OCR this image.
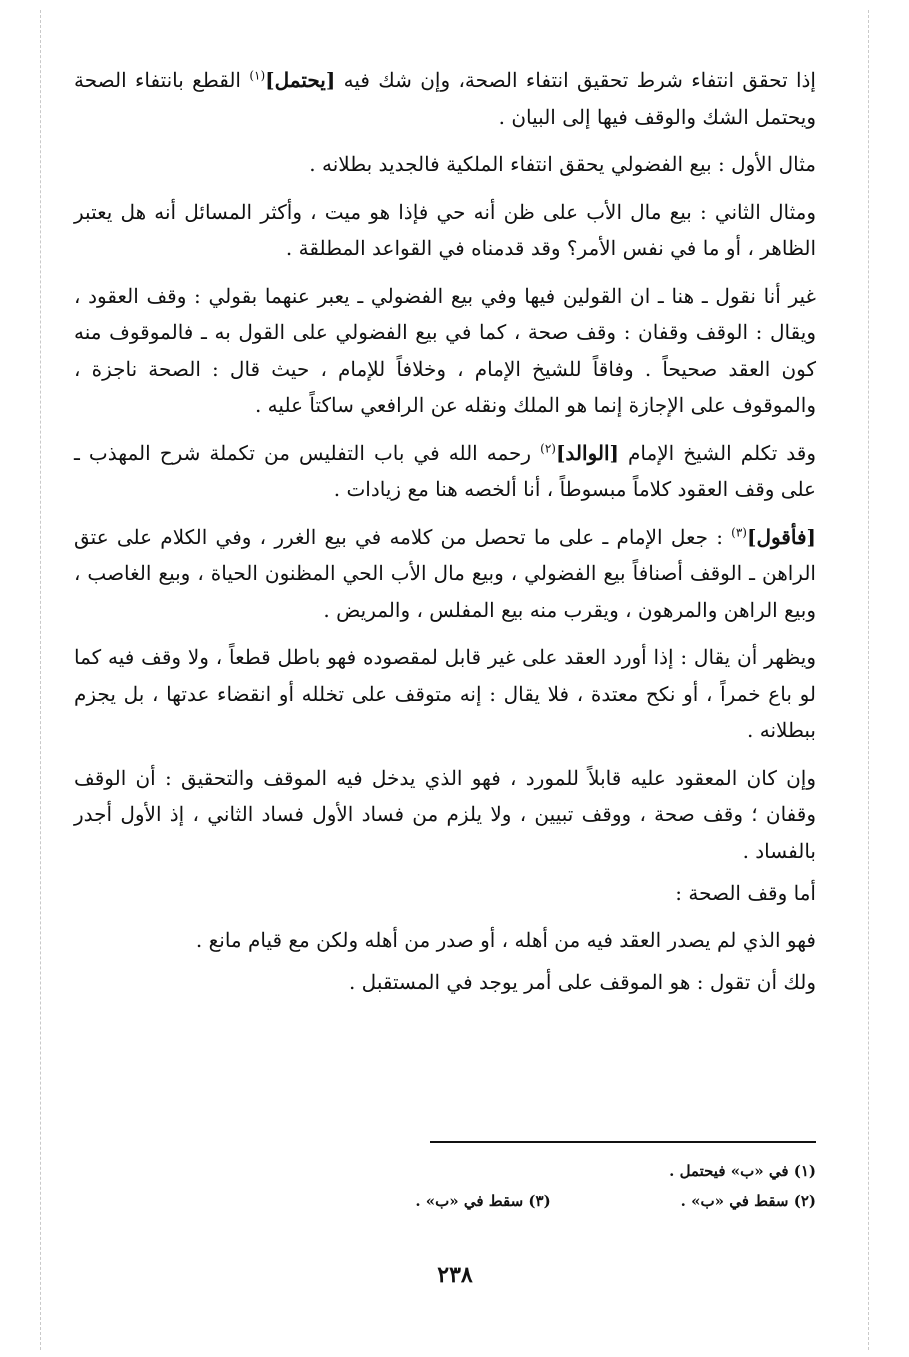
إذا تحقق انتفاء شرط تحقيق انتفاء الصحة، وإن شك فيه [يحتمل]$^{(١)}$ القطع بانتفاء الصحة ويحتمل الشك والوقف فيها إلى البيان .

مثال الأول : بيع الفضولي يحقق انتفاء الملكية فالجديد بطلانه .

ومثال الثاني : بيع مال الأب على ظن أنه حي فإذا هو ميت ، وأكثر المسائل أنه هل يعتبر الظاهر ، أو ما في نفس الأمر؟ وقد قدمناه في القواعد المطلقة .

غير أنا نقول ـ هنا ـ ان القولين فيها وفي بيع الفضولي ـ يعبر عنهما بقولي : وقف العقود ، ويقال : الوقف وقفان : وقف صحة ، كما في بيع الفضولي على القول به ـ فالموقوف منه كون العقد صحيحاً . وفاقاً للشيخ الإمام ، وخلافاً للإمام ، حيث قال : الصحة ناجزة ، والموقوف على الإجازة إنما هو الملك ونقله عن الرافعي ساكتاً عليه .

وقد تكلم الشيخ الإمام [الوالد]$^{(٢)}$ رحمه الله في باب التفليس من تكملة شرح المهذب ـ على وقف العقود كلاماً مبسوطاً ، أنا ألخصه هنا مع زيادات .

[فأقول]$^{(٣)}$ : جعل الإمام ـ على ما تحصل من كلامه في بيع الغرر ، وفي الكلام على عتق الراهن ـ الوقف أصنافاً بيع الفضولي ، وبيع مال الأب الحي المظنون الحياة ، وبيع الغاصب ، وبيع الراهن والمرهون ، ويقرب منه بيع المفلس ، والمريض .

ويظهر أن يقال : إذا أورد العقد على غير قابل لمقصوده فهو باطل قطعاً ، ولا وقف فيه كما لو باع خمراً ، أو نكح معتدة ، فلا يقال : إنه متوقف على تخلله أو انقضاء عدتها ، بل يجزم ببطلانه .

وإن كان المعقود عليه قابلاً للمورد ، فهو الذي يدخل فيه الموقف والتحقيق : أن الوقف وقفان ؛ وقف صحة ، ووقف تبيين ، ولا يلزم من فساد الأول فساد الثاني ، إذ الأول أجدر بالفساد .

أما وقف الصحة :

فهو الذي لم يصدر العقد فيه من أهله ، أو صدر من أهله ولكن مع قيام مانع .

ولك أن تقول : هو الموقف على أمر يوجد في المستقبل .

(١) في «ب» فيحتمل .
(٢) سقط في «ب» .
(٣) سقط في «ب» .
٢٣٨
